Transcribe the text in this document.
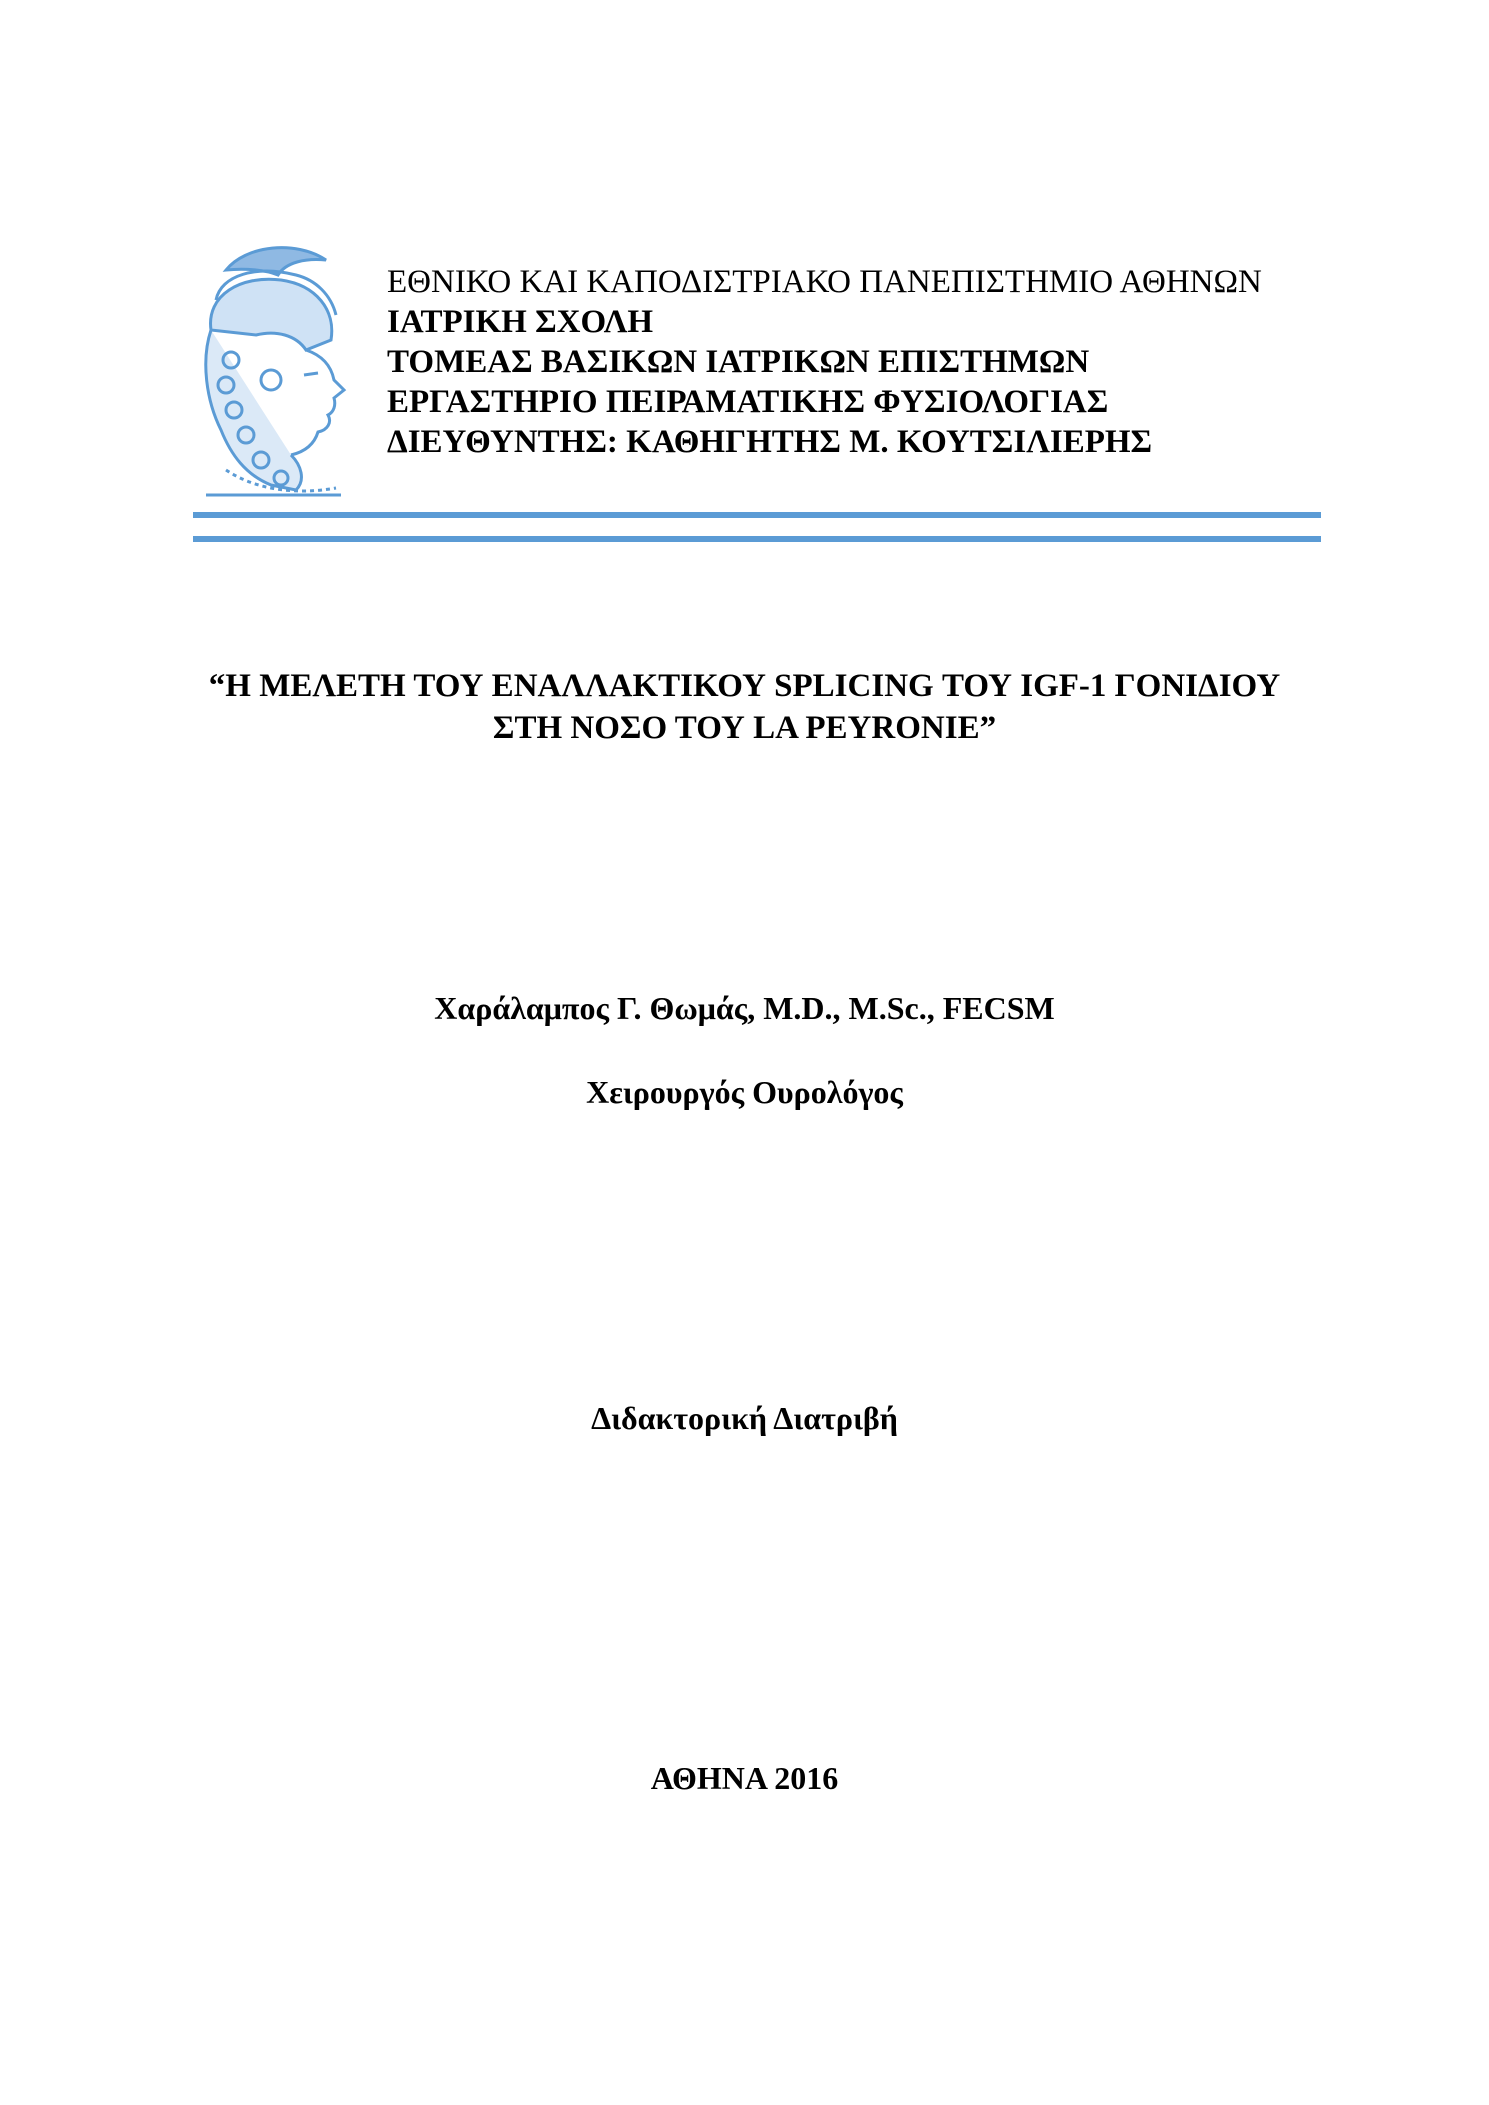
ΕΘΝΙΚΟ ΚΑΙ ΚΑΠΟΔΙΣΤΡΙΑΚΟ ΠΑΝΕΠΙΣΤΗΜΙΟ ΑΘΗΝΩΝ
ΙΑΤΡΙΚΗ ΣΧΟΛΗ
ΤΟΜΕΑΣ ΒΑΣΙΚΩΝ ΙΑΤΡΙΚΩΝ ΕΠΙΣΤΗΜΩΝ
ΕΡΓΑΣΤΗΡΙΟ ΠΕΙΡΑΜΑΤΙΚΗΣ ΦΥΣΙΟΛΟΓΙΑΣ
ΔΙΕΥΘΥΝΤΗΣ: ΚΑΘΗΓΗΤΗΣ Μ. ΚΟΥΤΣΙΛΙΕΡΗΣ
“Η ΜΕΛΕΤΗ ΤΟΥ ΕΝΑΛΛΑΚΤΙΚΟΥ SPLICING ΤΟΥ IGF-1 ΓΟΝΙΔΙΟΥ
ΣΤΗ ΝΟΣΟ ΤΟΥ LA PEYRONIE”
Χαράλαμπος Γ. Θωμάς, M.D., M.Sc., FECSM
Χειρουργός Ουρολόγος
Διδακτορική Διατριβή
ΑΘΗΝΑ 2016
